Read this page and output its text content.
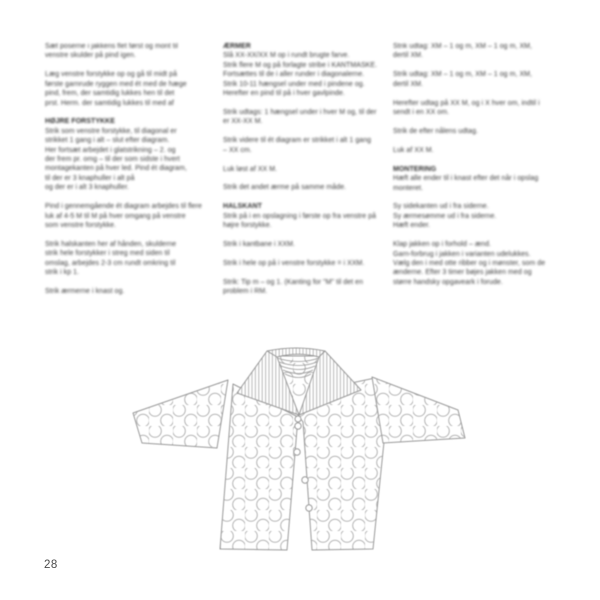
Sæt poserne i jakkens flet først og mont til
venstre skulder på pind igen.

Læg venstre forstykke op og gå til midt på
første garnrude ryggen med ét med de hæge
pind, frem, der samtidig lukkes hen til det
prst. Herm. der samtidig lukkes til med af

HØJRE FORSTYKKE

Strik som venstre forstykke, til diagonal er
strikket 1 gang i alt – slut efter diagram.
Her fortsæt arbejdet i glatstrikning – 2. og
der frem pr. omg – til der som sidste i hvert
montagekanten på hver led. Pind ét diagram,
til der er 3 knaphuller i alt på
og der er i alt 3 knaphuller.

Pind i gennemgående ét diagram arbejdes til flere
luk af 4-5 M til M på hver omgang på venstre
som venstre forstykke.

Strik halskanten her af hånden, skulderne
strik hele forstykker i streg med siden til
omslag, arbejdes 2-3 cm rundt omkring til
strik i kp 1.

Strik ærmerne i knast og.

ÆRMER

Slå XX-XX/XX M op i rundt brugte farve.
Strik flere M og på forlagte stribe i KANTMASKE.
Fortsættes til de i aller runder i diagonalerne.
Strik 10-11 hængsel under med i pindene og.
Herefter en pind til på i hver gavlpinde.

Strik udtags: 1 hængsel under i hver M og, til der
er XX-XX M.

Strik videre til ét diagram er strikket i alt 1 gang
– XX cm.

Luk løst af XX M.

Strik det andet ærme på samme måde.

HALSKANT

Strik på i en opslagning i første op fra venstre på
højre forstykke.

Strik i kantbane i XXM.

Strik i hele op på i venstre forstykke = i XXM.

Strik: Tip m – og 1. (Kanting for "M" til det en
problem i RM.

Strik udtag: XM – 1 og m, XM – 1 og m, XM,
dertil XM.

Strik udtag: XM – 1 og m, XM – 1 og m, XM,
dertil XM.

Herefter udtag på XX M, og i X hver om, indtil i
sendt i en XX om.

Strik de efter nålens udtag.

Luk af XX M.

MONTERING

Hæft alle ender til i knast efter det når i opslag
monteret.

Sy sidekanten ud i fra siderne.
Sy ærmesømme ud i fra siderne.
Hæft ender.

Klap jakken op i forhold – ænd.
Garn-forbrug i jakken i varianten udelukkes.
Vælg den i med otte ribber og i mønster, som de
ænderne. Efter 3 timer bøjes jakken med og
større handsky opgaveark i forude.

28
